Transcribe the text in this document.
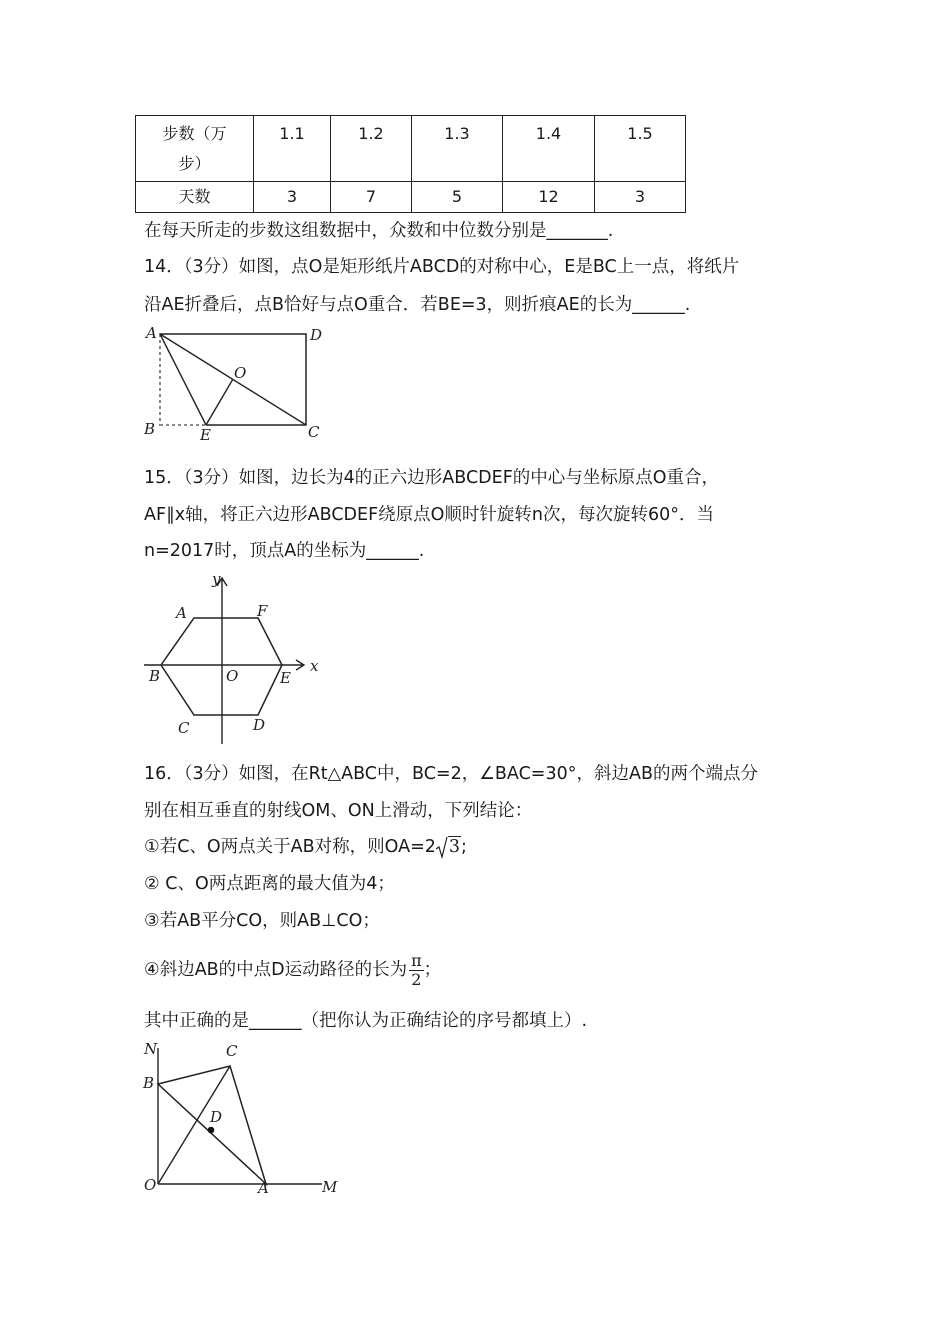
步数（万
步）	1.1	1.2	1.3	1.4	1.5
天数	3	7	5	12	3
在每天所走的步数这组数据中，众数和中位数分别是_______.
14．（3分）如图，点O是矩形纸片ABCD的对称中心，E是BC上一点，将纸片
沿AE折叠后，点B恰好与点O重合．若BE=3，则折痕AE的长为______.
A	D
O
B	E	C
15．（3分）如图，边长为4的正六边形ABCDEF的中心与坐标原点O重合，
AF∥x轴，将正六边形ABCDEF绕原点O顺时针旋转n次，每次旋转60°．当
n=2017时，顶点A的坐标为______.
y
x
A	F
B	O	E
C	D
16．（3分）如图，在Rt△ABC中，BC=2，∠BAC=30°，斜边AB的两个端点分
别在相互垂直的射线OM、ON上滑动，下列结论：
①若C、O两点关于AB对称，则OA=2 3;
② C、O两点距离的最大值为4；
③若AB平分CO，则AB⊥CO；
④斜边AB的中点D运动路径的长为 $\frac{\pi}{2}$ ；
其中正确的是______（把你认为正确结论的序号都填上）.
N
B
C
D
O	A	M
